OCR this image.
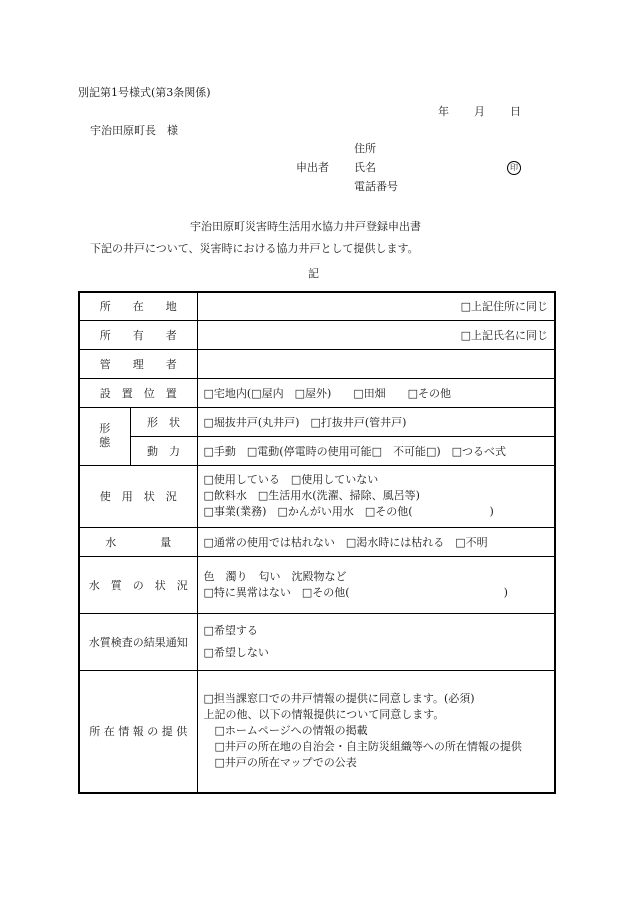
別記第1号様式(第3条関係)
年 月 日
宇治田原町長　様
住所
申出者 氏名	印
電話番号
宇治田原町災害時生活用水協力井戸登録申出書
下記の井戸について、災害時における協力井戸として提供します。
記
所　　在　　地		□上記住所に同じ
所　　有　　者		□上記氏名に同じ
管　　理　　者		
設　置　位　置		□宅地内(□屋内　□屋外)　　□田畑　　□その他
形態	形　状	□堀抜井戸(丸井戸)　□打抜井戸(管井戸)
	動　力	□手動　□電動(停電時の使用可能□　不可能□)　□つるべ式
使　用　状　況		□使用している　□使用していない
□飲料水　□生活用水(洗濯、掃除、風呂等)
□事業(業務)　□かんがい用水　□その他(　　　　　　　)

水　　　　量		□通常の使用では枯れない　□渇水時には枯れる　□不明
水　質　の　状　況		色　濁り　匂い　沈殿物など
□特に異常はない　□その他(　　　　　　　　　　　　　　)

水質検査の結果通知		□希望する
□希望しない

所 在 情 報 の 提 供		□担当課窓口での井戸情報の提供に同意します。(必須)
上記の他、以下の情報提供について同意します。
　□ホームページへの情報の掲載
　□井戸の所在地の自治会・自主防災組織等への所在情報の提供
　□井戸の所在マップでの公表
